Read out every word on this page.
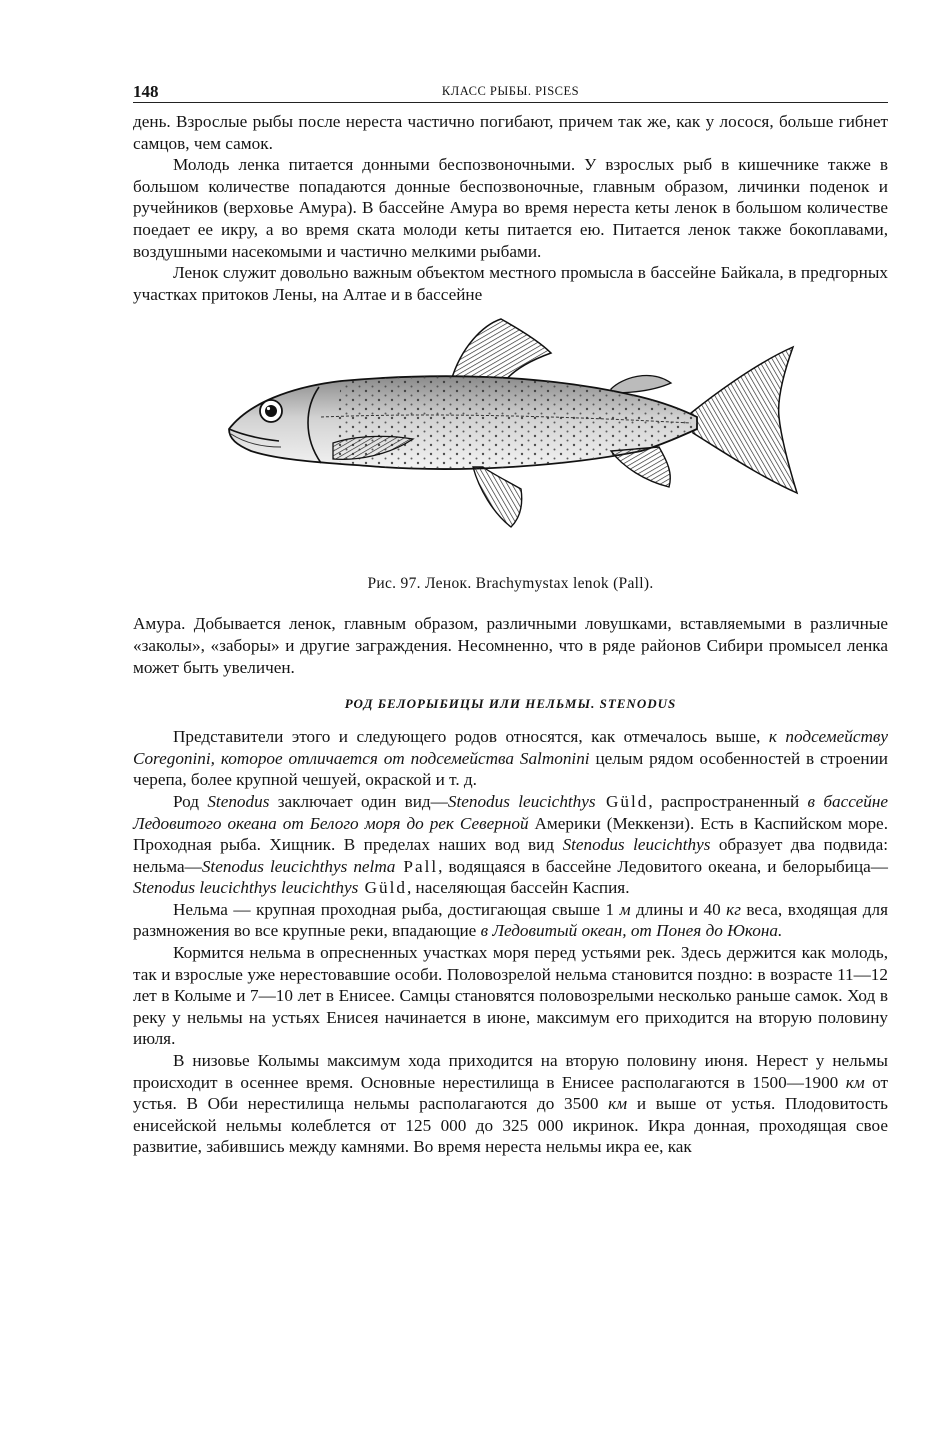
148	КЛАСС РЫБЫ. PISCES

день. Взрослые рыбы после нереста частично погибают, причем так же, как у лосося, больше гибнет самцов, чем самок.

Молодь ленка питается донными беспозвоночными. У взрослых рыб в кишечнике также в большом количестве попадаются донные беспозвоночные, главным образом, личинки поденок и ручейников (верховье Амура). В бассейне Амура во время нереста кеты ленок в большом количестве поедает ее икру, а во время ската молоди кеты питается ею. Питается ленок также бокоплавами, воздушными насекомыми и частично мелкими рыбами.

Ленок служит довольно важным объектом местного промысла в бассейне Байкала, в предгорных участках притоков Лены, на Алтае и в бассейне

Рис. 97. Ленок. Brachymystax lenok (Pall).

Амура. Добывается ленок, главным образом, различными ловушками, вставляемыми в различные «заколы», «заборы» и другие заграждения. Несомненно, что в ряде районов Сибири промысел ленка может быть увеличен.

РОД БЕЛОРЫБИЦЫ ИЛИ НЕЛЬМЫ. STENODUS

Представители этого и следующего родов относятся, как отмечалось выше, к подсемейству Coregonini, которое отличается от подсемейства Salmonini целым рядом особенностей в строении черепа, более крупной чешуей, окраской и т. д.

Род Stenodus заключает один вид—Stenodus leucichthys Güld, распространенный в бассейне Ледовитого океана от Белого моря до рек Северной Америки (Меккензи). Есть в Каспийском море. Проходная рыба. Хищник. В пределах наших вод вид Stenodus leucichthys образует два подвида: нельма—Stenodus leucichthys nelma Pall, водящаяся в бассейне Ледовитого океана, и белорыбица—Stenodus leucichthys leucichthys Güld, населяющая бассейн Каспия.

Нельма — крупная проходная рыба, достигающая свыше 1 м длины и 40 кг веса, входящая для размножения во все крупные реки, впадающие в Ледовитый океан, от Понея до Юкона.

Кормится нельма в опресненных участках моря перед устьями рек. Здесь держится как молодь, так и взрослые уже нерестовавшие особи. Половозрелой нельма становится поздно: в возрасте 11—12 лет в Колыме и 7—10 лет в Енисее. Самцы становятся половозрелыми несколько раньше самок. Ход в реку у нельмы на устьях Енисея начинается в июне, максимум его приходится на вторую половину июля.

В низовье Колымы максимум хода приходится на вторую половину июня. Нерест у нельмы происходит в осеннее время. Основные нерестилища в Енисее располагаются в 1500—1900 км от устья. В Оби нерестилища нельмы располагаются до 3500 км и выше от устья. Плодовитость енисейской нельмы колеблется от 125 000 до 325 000 икринок. Икра донная, проходящая свое развитие, забившись между камнями. Во время нереста нельмы икра ее, как
